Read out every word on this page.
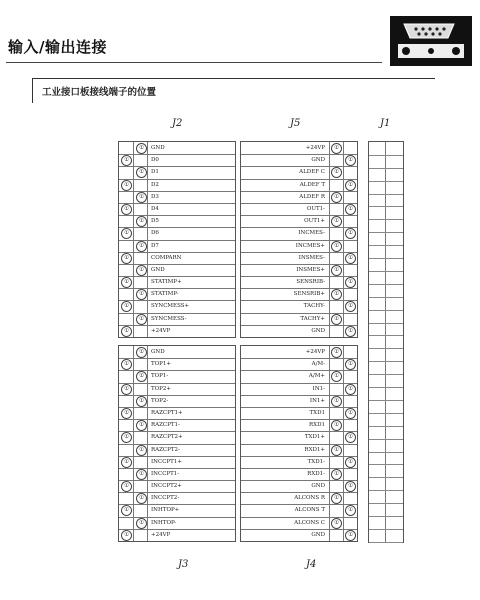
输入/输出连接
工业接口板接线端子的位置
J2	J5	J1
J3	J4
①	GND
①	D0
①	D1
①	D2
①	D3
①	D4
①	D5
①	D6
①	D7
①	COMPARN
①	GND
①	STATIMP+
①	STATIMP-
①	SYNCMESS+
①	SYNCMESS-
①	+24VP
+24VP	①
GND	①
ALDEF C	①
ALDEF T	①
ALDEF R	①
OUT1-	①
OUT1+	①
INCMES-	①
INCMES+	①
INSMES-	①
INSMES+	①
SENSRIB-	①
SENSRIB+	①
TACHY-	①
TACHY+	①
GND	①
①	GND
①	TOP1+
①	TOP1-
①	TOP2+
①	TOP2-
①	RAZCPT1+
①	RAZCPT1-
①	RAZCPT2+
①	RAZCPT2-
①	INCCPT1+
①	INCCPT1-
①	INCCPT2+
①	INCCPT2-
①	INHTOP+
①	INHTOP-
①	+24VP
+24VP	①
A/M-	①
A/M+	①
IN1-	①
IN1+	①
TXD1	①
RXD1	①
TXD1+	①
RXD1+	①
TXD1-	①
RXD1-	①
GND	①
ALCONS R	①
ALCONS T	①
ALCONS C	①
GND	①
